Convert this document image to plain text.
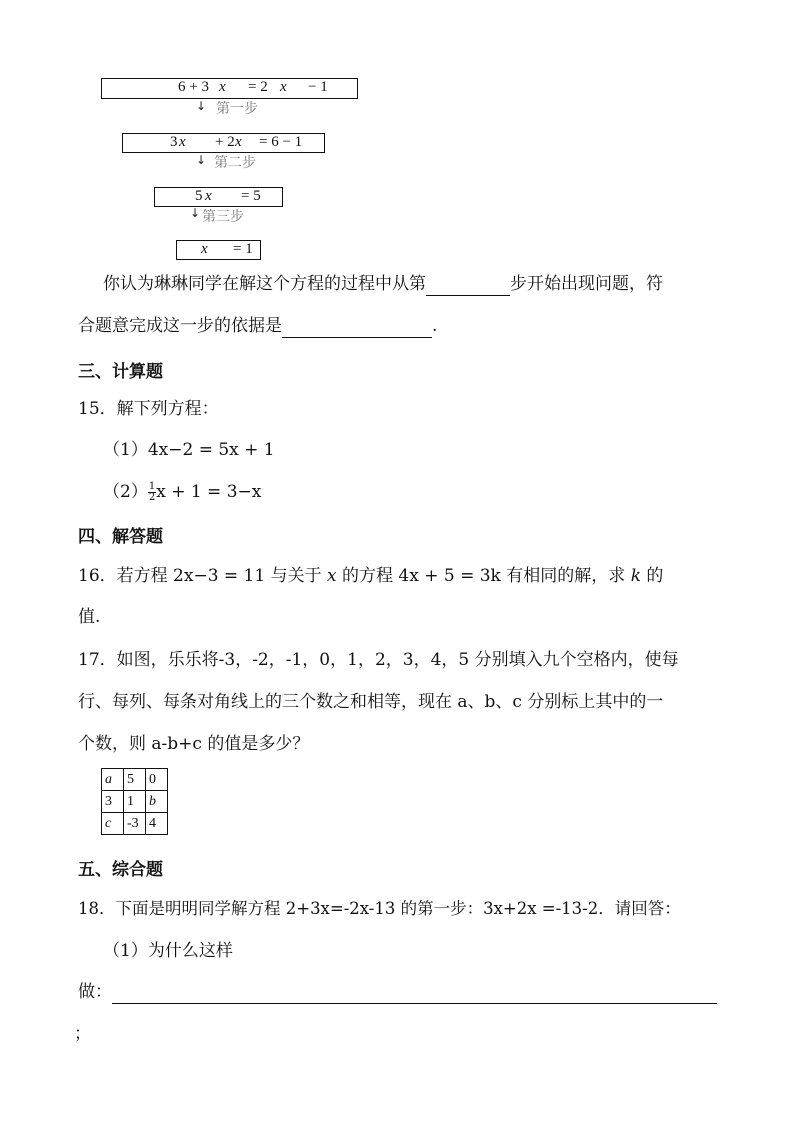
6 + 3

x

= 2

x

− 1

↓ 第一步

3

x

+ 2

x

= 6 − 1

↓ 第二步

5

x

= 5

↓ 第三步

x

= 1

你认为琳琳同学在解这个方程的过程中从第	步开始出现问题，符
合题意完成这一步的依据是	.
三、计算题
15．解下列方程：
（1）4x−2 = 5x + 1
$(2) \frac{1}{2}$ x + 1 = 3−x
四、解答题
16．若方程 2x−3 = 11 与关于 x 的方程 4x + 5 = 3k 有相同的解，求 k 的
值.
17．如图，乐乐将-3，-2，-1，0，1，2，3，4，5 分别填入九个空格内，使每
行、每列、每条对角线上的三个数之和相等，现在 a、b、c 分别标上其中的一
个数，则 a-b+c 的值是多少？
a	5	0
3	1	b
c	-3	4
五、综合题
18．下面是明明同学解方程 2+3x=-2x-13 的第一步：3x+2x =-13-2．请回答：
（1）为什么这样
做：
；
